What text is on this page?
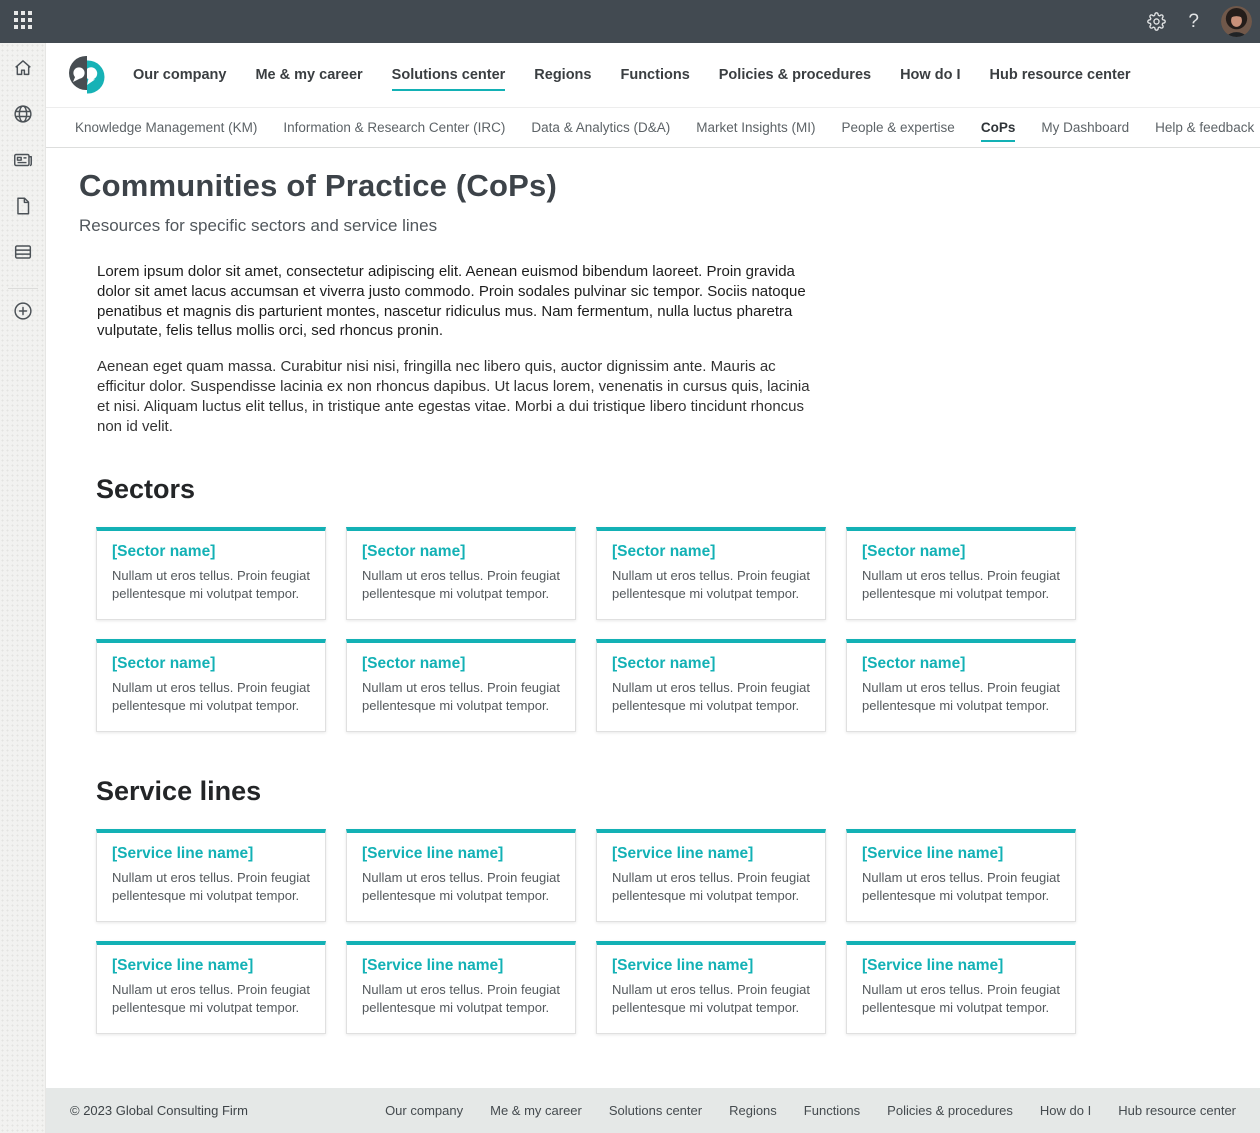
?
Our company Me & my career Solutions center Regions Functions Policies & procedures How do I Hub resource center
Knowledge Management (KM) Information & Research Center (IRC) Data & Analytics (D&A) Market Insights (MI) People & expertise CoPs My Dashboard Help & feedback
Communities of Practice (CoPs)
Resources for specific sectors and service lines

Lorem ipsum dolor sit amet, consectetur adipiscing elit. Aenean euismod bibendum laoreet. Proin gravida dolor sit amet lacus accumsan et viverra justo commodo. Proin sodales pulvinar sic tempor. Sociis natoque penatibus et magnis dis parturient montes, nascetur ridiculus mus. Nam fermentum, nulla luctus pharetra vulputate, felis tellus mollis orci, sed rhoncus pronin.

Aenean eget quam massa. Curabitur nisi nisi, fringilla nec libero quis, auctor dignissim ante. Mauris ac efficitur dolor. Suspendisse lacinia ex non rhoncus dapibus. Ut lacus lorem, venenatis in cursus quis, lacinia et nisi. Aliquam luctus elit tellus, in tristique ante egestas vitae. Morbi a dui tristique libero tincidunt rhoncus non id velit.

Sectors
[Sector name]
Nullam ut eros tellus. Proin feugiat pellentesque mi volutpat tempor.
[Sector name]
Nullam ut eros tellus. Proin feugiat pellentesque mi volutpat tempor.
[Sector name]
Nullam ut eros tellus. Proin feugiat pellentesque mi volutpat tempor.
[Sector name]
Nullam ut eros tellus. Proin feugiat pellentesque mi volutpat tempor.
[Sector name]
Nullam ut eros tellus. Proin feugiat pellentesque mi volutpat tempor.
[Sector name]
Nullam ut eros tellus. Proin feugiat pellentesque mi volutpat tempor.
[Sector name]
Nullam ut eros tellus. Proin feugiat pellentesque mi volutpat tempor.
[Sector name]
Nullam ut eros tellus. Proin feugiat pellentesque mi volutpat tempor.
Service lines
[Service line name]
Nullam ut eros tellus. Proin feugiat pellentesque mi volutpat tempor.
[Service line name]
Nullam ut eros tellus. Proin feugiat pellentesque mi volutpat tempor.
[Service line name]
Nullam ut eros tellus. Proin feugiat pellentesque mi volutpat tempor.
[Service line name]
Nullam ut eros tellus. Proin feugiat pellentesque mi volutpat tempor.
[Service line name]
Nullam ut eros tellus. Proin feugiat pellentesque mi volutpat tempor.
[Service line name]
Nullam ut eros tellus. Proin feugiat pellentesque mi volutpat tempor.
[Service line name]
Nullam ut eros tellus. Proin feugiat pellentesque mi volutpat tempor.
[Service line name]
Nullam ut eros tellus. Proin feugiat pellentesque mi volutpat tempor.
© 2023 Global Consulting Firm	Our company Me & my career Solutions center Regions Functions Policies & procedures How do I Hub resource center
